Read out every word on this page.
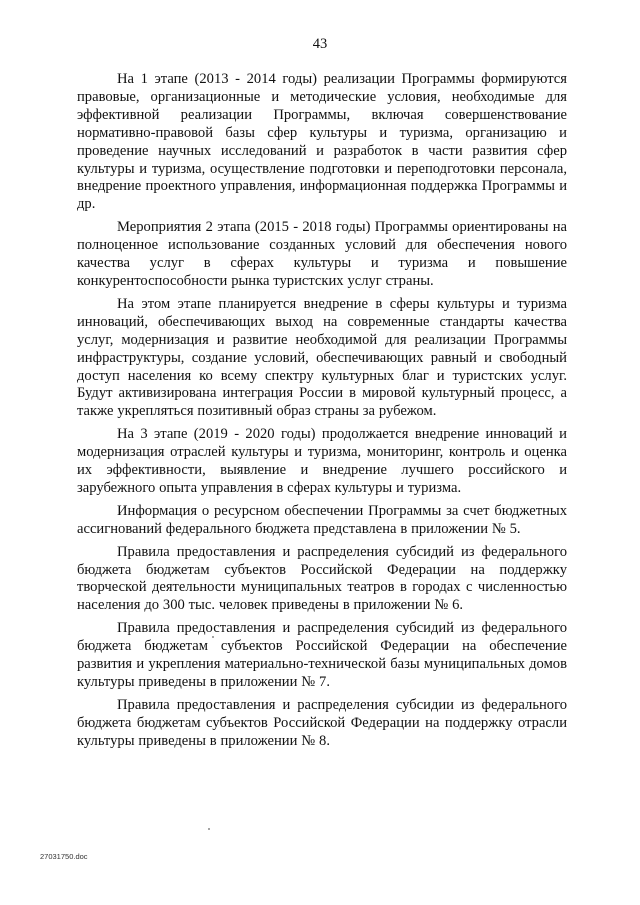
43

На 1 этапе (2013 - 2014 годы) реализации Программы формируются правовые, организационные и методические условия, необходимые для эффективной реализации Программы, включая совершенствование нормативно-правовой базы сфер культуры и туризма, организацию и проведение научных исследований и разработок в части развития сфер культуры и туризма, осуществление подготовки и переподготовки персонала, внедрение проектного управления, информационная поддержка Программы и др.

Мероприятия 2 этапа (2015 - 2018 годы) Программы ориентированы на полноценное использование созданных условий для обеспечения нового качества услуг в сферах культуры и туризма и повышение конкурентоспособности рынка туристских услуг страны.

На этом этапе планируется внедрение в сферы культуры и туризма инноваций, обеспечивающих выход на современные стандарты качества услуг, модернизация и развитие необходимой для реализации Программы инфраструктуры, создание условий, обеспечивающих равный и свободный доступ населения ко всему спектру культурных благ и туристских услуг. Будут активизирована интеграция России в мировой культурный процесс, а также укрепляться позитивный образ страны за рубежом.

На 3 этапе (2019 - 2020 годы) продолжается внедрение инноваций и модернизация отраслей культуры и туризма, мониторинг, контроль и оценка их эффективности, выявление и внедрение лучшего российского и зарубежного опыта управления в сферах культуры и туризма.

Информация о ресурсном обеспечении Программы за счет бюджетных ассигнований федерального бюджета представлена в приложении № 5.

Правила предоставления и распределения субсидий из федерального бюджета бюджетам субъектов Российской Федерации на поддержку творческой деятельности муниципальных театров в городах с численностью населения до 300 тыс. человек приведены в приложении № 6.

Правила предоставления и распределения субсидий из федерального бюджета бюджетам субъектов Российской Федерации на обеспечение развития и укрепления материально-технической базы муниципальных домов культуры приведены в приложении № 7.

Правила предоставления и распределения субсидии из федерального бюджета бюджетам субъектов Российской Федерации на поддержку отрасли культуры приведены в приложении № 8.

27031750.doc
